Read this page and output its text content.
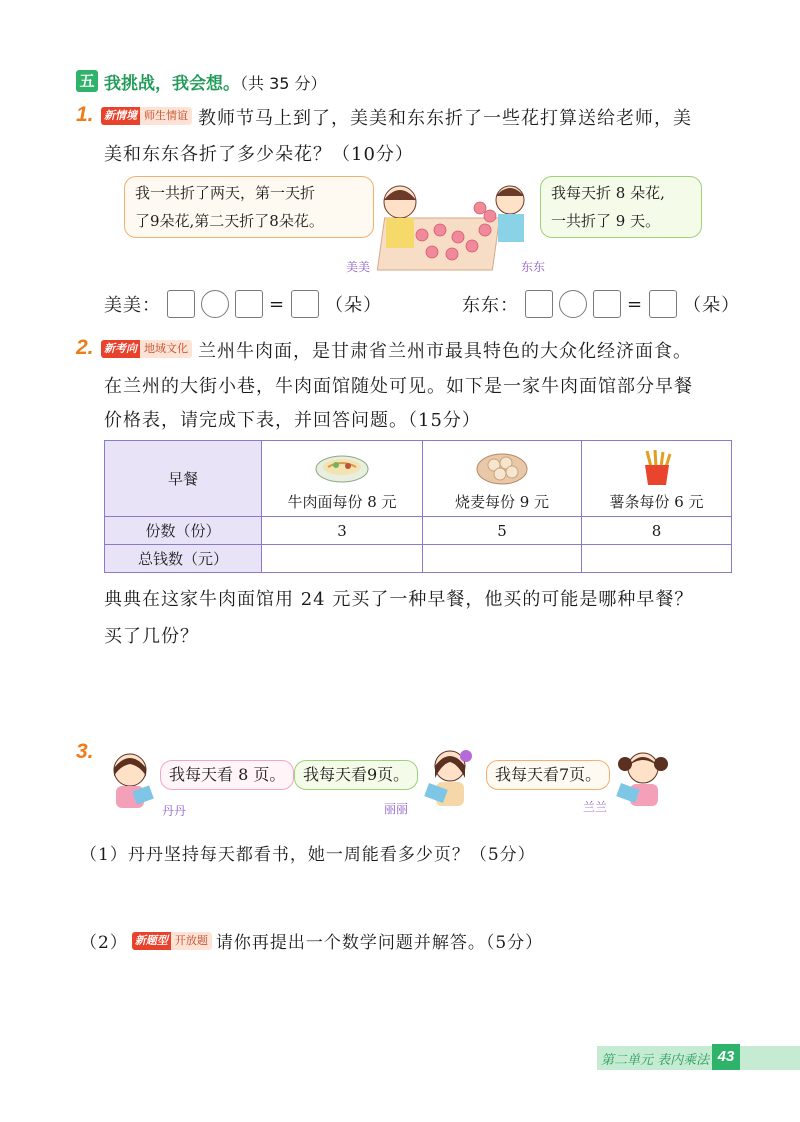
五 我挑战，我会想。（共 35 分）
1. 新情境 师生情谊 教师节马上到了，美美和东东折了一些花打算送给老师，美
美和东东各折了多少朵花？（10分）
我一共折了两天，第一天折
了9朵花,第二天折了8朵花。
我每天折 8 朵花,
一共折了 9 天。
美美	东东
美美：	= （朵）	东东：	= （朵）
2. 新考向 地域文化 兰州牛肉面，是甘肃省兰州市最具特色的大众化经济面食。
在兰州的大街小巷，牛肉面馆随处可见。如下是一家牛肉面馆部分早餐
价格表，请完成下表，并回答问题。（15分）
早餐	牛肉面每份 8 元	烧麦每份 9 元	薯条每份 6 元

份数（份）	3	5	8
总钱数（元）			
典典在这家牛肉面馆用 24 元买了一种早餐，他买的可能是哪种早餐？
买了几份？
3.
丹丹
我每天看 8 页。	我每天看9页。
丽丽
我每天看7页。
兰兰
（1）丹丹坚持每天都看书，她一周能看多少页？（5分）
（2） 新题型 开放题 请你再提出一个数学问题并解答。（5分）
第二单元 表内乘法 43
